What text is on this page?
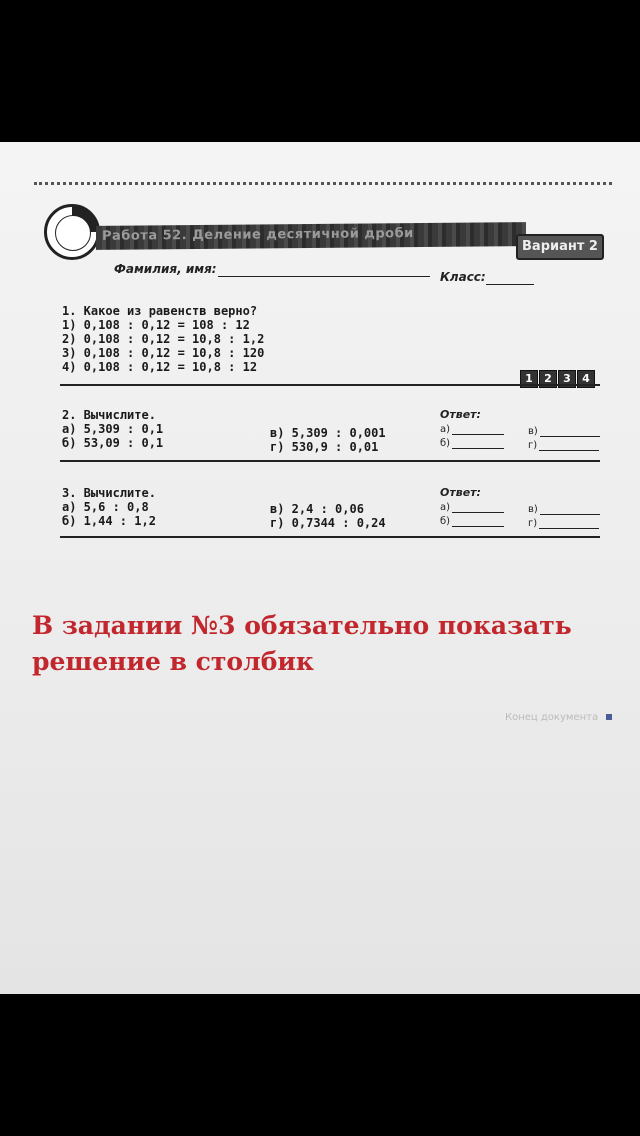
Работа 52. Деление десятичной дроби
Вариант 2
Фамилия, имя:
Класс:
1. Какое из равенств верно?
1) 0,108 : 0,12 = 108 : 12
2) 0,108 : 0,12 = 10,8 : 1,2
3) 0,108 : 0,12 = 10,8 : 120
4) 0,108 : 0,12 = 10,8 : 12
1	2	3	4
2. Вычислите.
а) 5,309 : 0,1
б) 53,09 : 0,1
в) 5,309 : 0,001
г) 530,9 : 0,01
Ответ:
а)
б)
в)
г)
3. Вычислите.
а) 5,6 : 0,8
б) 1,44 : 1,2
в) 2,4 : 0,06
г) 0,7344 : 0,24
Ответ:
а)
б)
в)
г)
В задании №3 обязательно показать
решение в столбик
Конец документа
